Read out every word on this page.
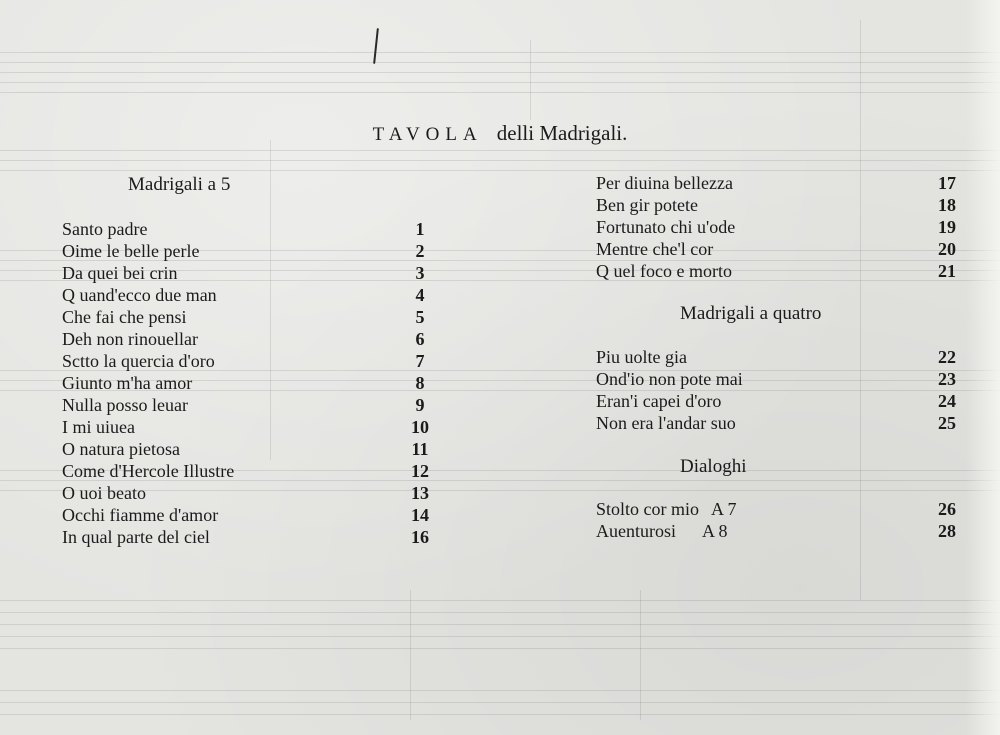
TAVOLA delli Madrigali.
Madrigali a 5
Santo padre	1
Oime le belle perle	2
Da quei bei crin	3
Q uand'ecco due man	4
Che fai che pensi	5
Deh non rinouellar	6
Sctto la quercia d'oro	7
Giunto m'ha amor	8
Nulla posso leuar	9
I mi uiuea	10
O natura pietosa	11
Come d'Hercole Illustre	12
O uoi beato	13
Occhi fiamme d'amor	14
In qual parte del ciel	16
Per diuina bellezza	17
Ben gir potete	18
Fortunato chi u'ode	19
Mentre che'l cor	20
Q uel foco e morto	21
Madrigali a quatro
Piu uolte gia	22
Ond'io non pote mai	23
Eran'i capei d'oro	24
Non era l'andar suo	25
Dialoghi
Stolto cor mio A 7	26
Auenturosi A 8	28
